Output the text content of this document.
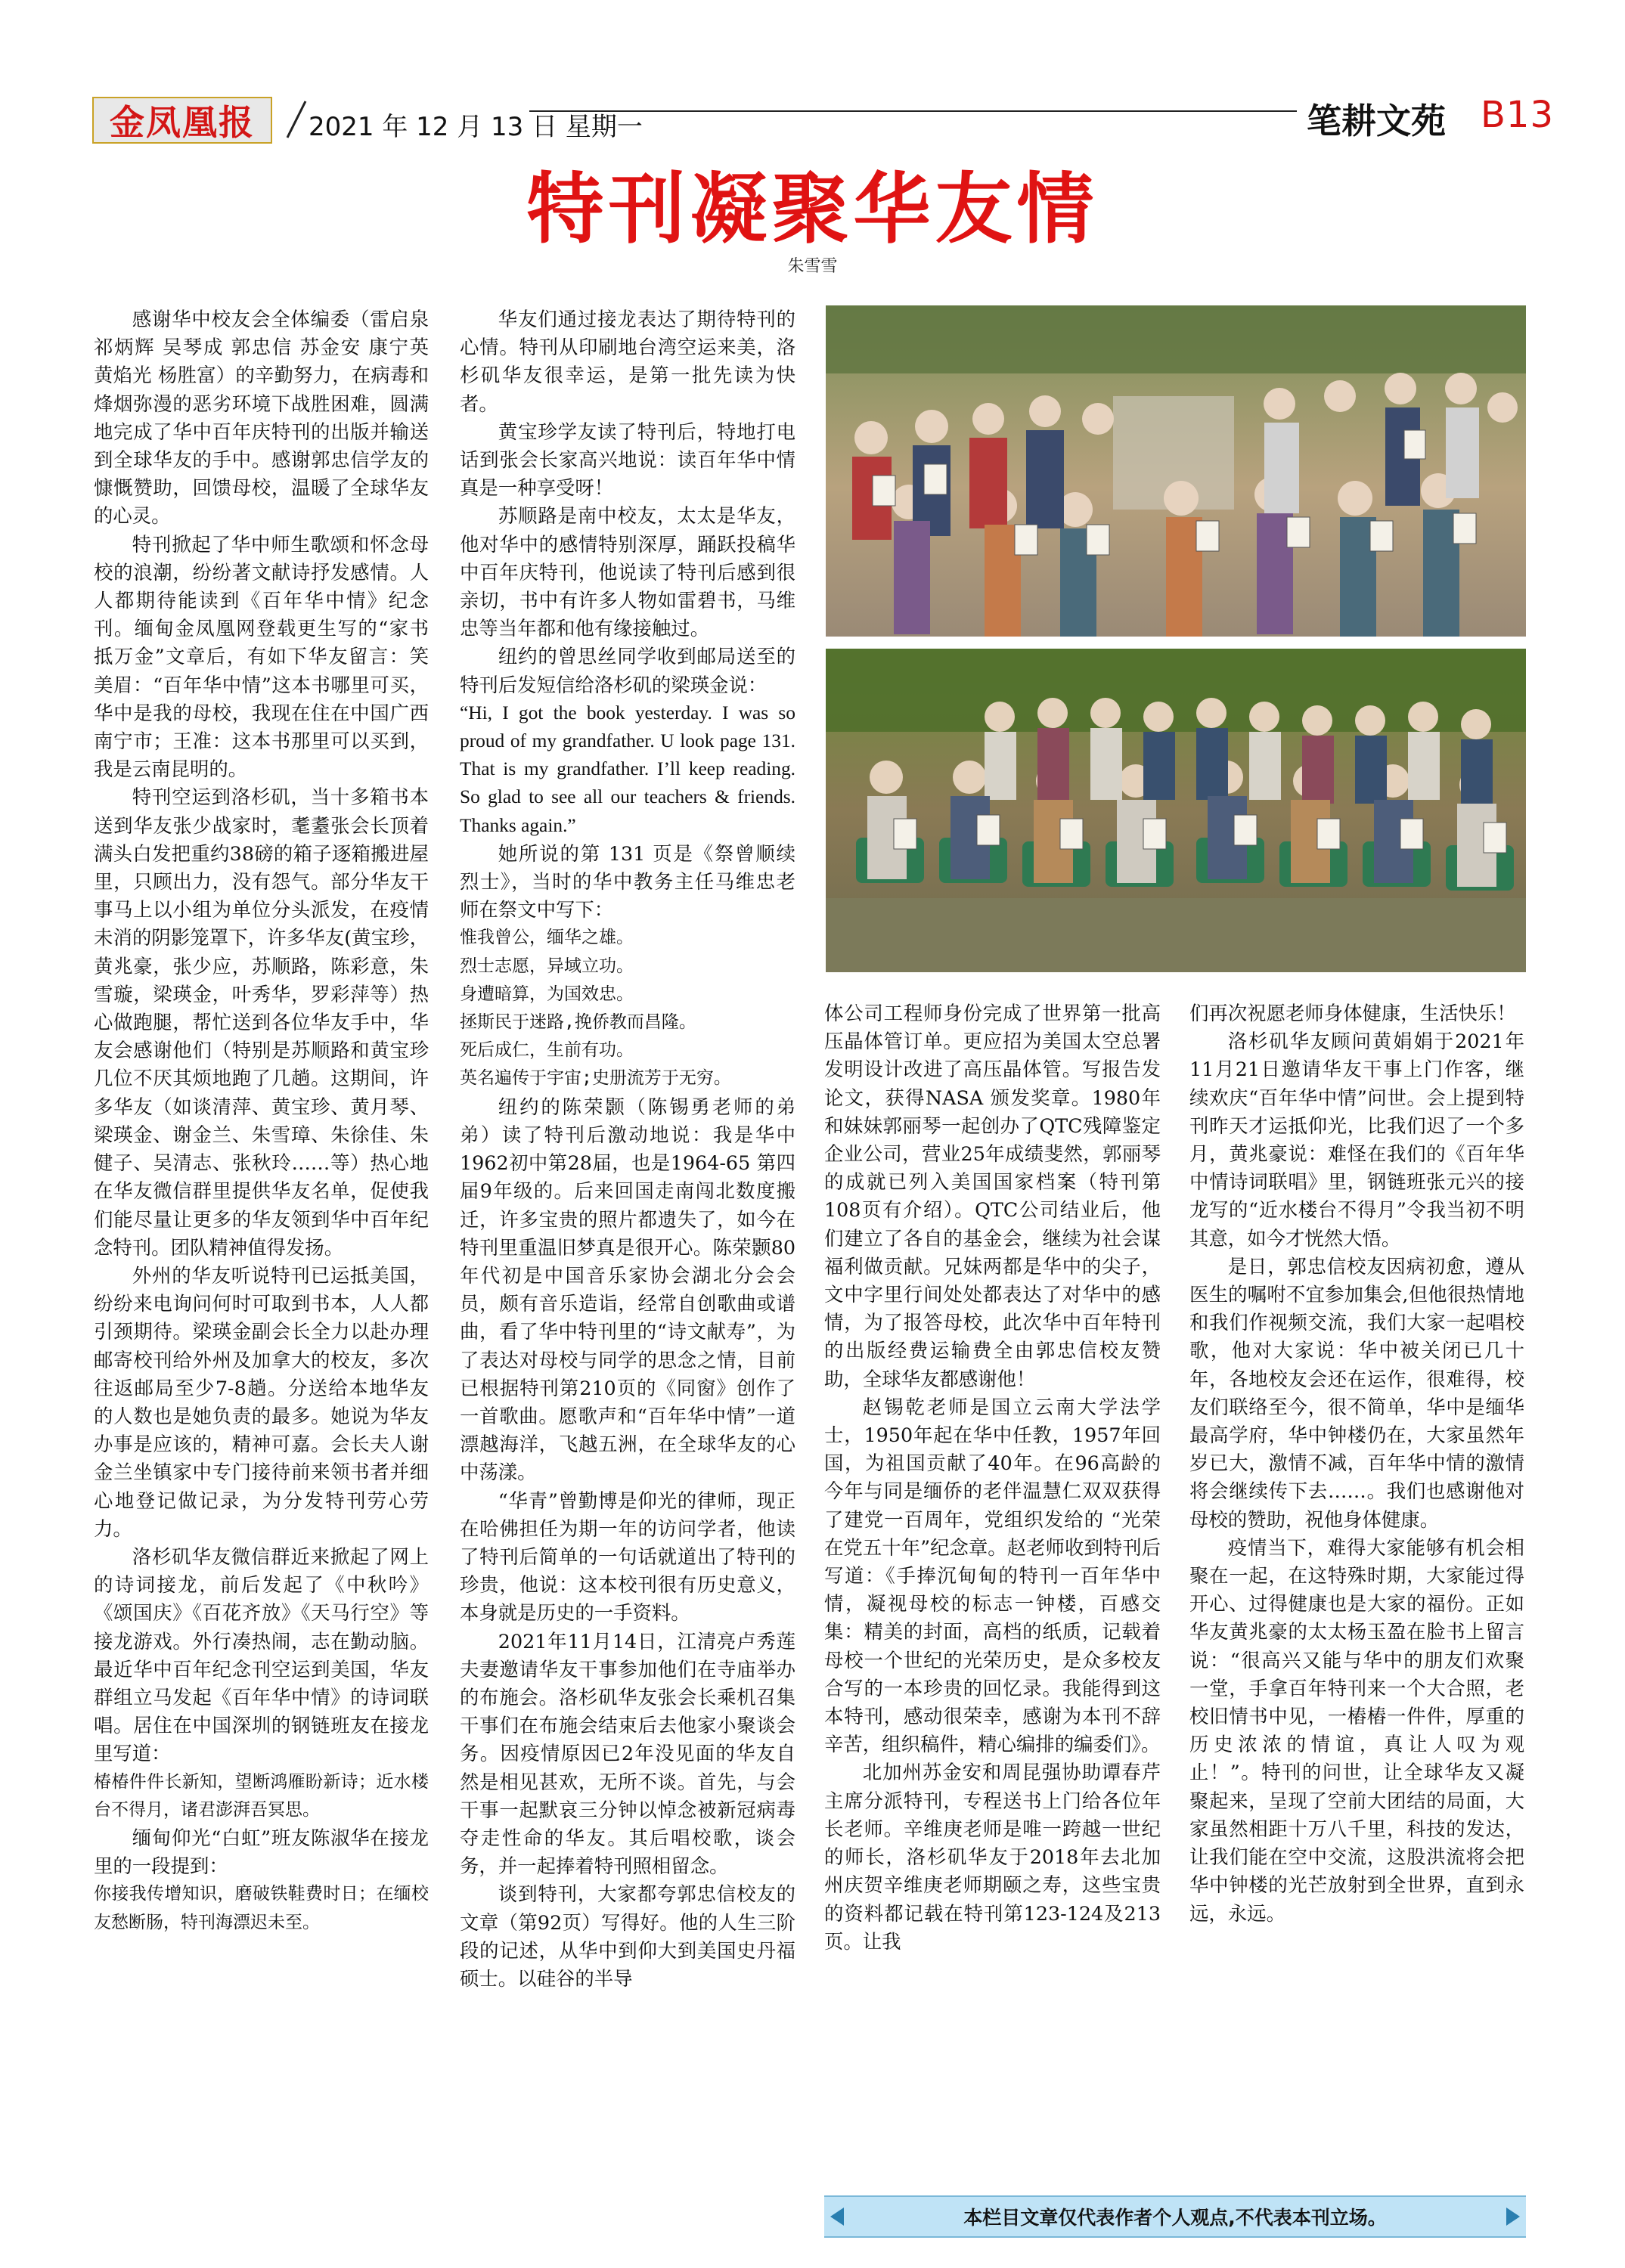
金凤凰报 2021 年 12 月 13 日 星期一	笔耕文苑 B13
特刊凝聚华友情
朱雪雪

感谢华中校友会全体编委（雷启泉 祁炳辉 吴琴成 郭忠信 苏金安 康宁英 黄焰光 杨胜富）的辛勤努力，在病毒和烽烟弥漫的恶劣环境下战胜困难，圆满地完成了华中百年庆特刊的出版并输送到全球华友的手中。感谢郭忠信学友的慷慨赞助，回馈母校，温暖了全球华友的心灵。

特刊掀起了华中师生歌颂和怀念母校的浪潮，纷纷著文献诗抒发感情。人人都期待能读到《百年华中情》纪念刊。缅甸金凤凰网登载更生写的“家书抵万金”文章后，有如下华友留言：笑美眉：“百年华中情”这本书哪里可买，华中是我的母校，我现在住在中国广西南宁市；王准：这本书那里可以买到，我是云南昆明的。

特刊空运到洛杉矶，当十多箱书本送到华友张少战家时，耄耋张会长顶着满头白发把重约38磅的箱子逐箱搬进屋里，只顾出力，没有怨气。部分华友干事马上以小组为单位分头派发，在疫情未消的阴影笼罩下，许多华友(黄宝珍，黄兆豪，张少应，苏顺路，陈彩意，朱雪璇，梁瑛金，叶秀华，罗彩萍等）热心做跑腿，帮忙送到各位华友手中，华友会感谢他们（特别是苏顺路和黄宝珍几位不厌其烦地跑了几趟。这期间，许多华友（如谈清萍、黄宝珍、黄月琴、梁瑛金、谢金兰、朱雪璋、朱徐佳、朱健子、吴清志、张秋玲……等）热心地在华友微信群里提供华友名单，促使我们能尽量让更多的华友领到华中百年纪念特刊。团队精神值得发扬。

外州的华友听说特刊已运抵美国，纷纷来电询问何时可取到书本，人人都引颈期待。梁瑛金副会长全力以赴办理邮寄校刊给外州及加拿大的校友，多次往返邮局至少7-8趟。分送给本地华友的人数也是她负责的最多。她说为华友办事是应该的，精神可嘉。会长夫人谢金兰坐镇家中专门接待前来领书者并细心地登记做记录，为分发特刊劳心劳力。

洛杉矶华友微信群近来掀起了网上的诗词接龙，前后发起了《中秋吟》《颂国庆》《百花齐放》《天马行空》等接龙游戏。外行凑热闹，志在勤动脑。最近华中百年纪念刊空运到美国，华友群组立马发起《百年华中情》的诗词联唱。居住在中国深圳的钢链班友在接龙里写道：

椿椿件件长新知，望断鸿雁盼新诗；近水楼台不得月，诸君澎湃吾冥思。

缅甸仰光“白虹”班友陈淑华在接龙里的一段提到：

你接我传增知识，磨破铁鞋费时日；在缅校友愁断肠，特刊海漂迟未至。

华友们通过接龙表达了期待特刊的心情。特刊从印刷地台湾空运来美，洛杉矶华友很幸运，是第一批先读为快者。

黄宝珍学友读了特刊后，特地打电话到张会长家高兴地说：读百年华中情真是一种享受呀！

苏顺路是南中校友，太太是华友，他对华中的感情特别深厚，踊跃投稿华中百年庆特刊，他说读了特刊后感到很亲切，书中有许多人物如雷碧书，马维忠等当年都和他有缘接触过。

纽约的曾思丝同学收到邮局送至的特刊后发短信给洛杉矶的梁瑛金说：

“Hi, I got the book yesterday. I was so proud of my grandfather. U look page 131. That is my grandfather. I’ll keep reading. So glad to see all our teachers & friends. Thanks again.”

她所说的第 131 页是《祭曾顺续烈士》，当时的华中教务主任马维忠老师在祭文中写下：

惟我曾公，缅华之雄。

烈士志愿，异域立功。

身遭暗算，为国效忠。

拯斯民于迷路,挽侨教而昌隆。

死后成仁，生前有功。

英名遍传于宇宙;史册流芳于无穷。

纽约的陈荣颢（陈锡勇老师的弟弟）读了特刊后激动地说：我是华中1962初中第28届，也是1964-65 第四届9年级的。后来回国走南闯北数度搬迁，许多宝贵的照片都遗失了，如今在特刊里重温旧梦真是很开心。陈荣颢80年代初是中国音乐家协会湖北分会会员，颇有音乐造诣，经常自创歌曲或谱曲，看了华中特刊里的“诗文献寿”，为了表达对母校与同学的思念之情，目前已根据特刊第210页的《同窗》创作了一首歌曲。愿歌声和“百年华中情”一道漂越海洋，飞越五洲，在全球华友的心中荡漾。

“华青”曾勤博是仰光的律师，现正在哈佛担任为期一年的访问学者，他读了特刊后简单的一句话就道出了特刊的珍贵，他说：这本校刊很有历史意义，本身就是历史的一手资料。

2021年11月14日，江清亮卢秀莲夫妻邀请华友干事参加他们在寺庙举办的布施会。洛杉矶华友张会长乘机召集干事们在布施会结束后去他家小聚谈会务。因疫情原因已2年没见面的华友自然是相见甚欢，无所不谈。首先，与会干事一起默哀三分钟以悼念被新冠病毒夺走性命的华友。其后唱校歌，谈会务，并一起捧着特刊照相留念。

谈到特刊，大家都夸郭忠信校友的文章（第92页）写得好。他的人生三阶段的记述，从华中到仰大到美国史丹福硕士。以硅谷的半导

体公司工程师身份完成了世界第一批高压晶体管订单。更应招为美国太空总署发明设计改进了高压晶体管。写报告发论文，获得NASA 颁发奖章。1980年和妹妹郭丽琴一起创办了QTC残障鉴定企业公司，营业25年成绩斐然，郭丽琴的成就已列入美国国家档案（特刊第108页有介绍）。QTC公司结业后，他们建立了各自的基金会，继续为社会谋福利做贡献。兄妹两都是华中的尖子，文中字里行间处处都表达了对华中的感情，为了报答母校，此次华中百年特刊的出版经费运输费全由郭忠信校友赞助，全球华友都感谢他！

赵锡乾老师是国立云南大学法学士，1950年起在华中任教，1957年回国，为祖国贡献了40年。在96高龄的今年与同是缅侨的老伴温慧仁双双获得了建党一百周年，党组织发给的 “光荣在党五十年”纪念章。赵老师收到特刊后写道：《手捧沉甸甸的特刊一百年华中情，凝视母校的标志一钟楼，百感交集：精美的封面，高档的纸质，记载着母校一个世纪的光荣历史，是众多校友合写的一本珍贵的回忆录。我能得到这本特刊，感动很荣幸，感谢为本刊不辞辛苦，组织稿件，精心编排的编委们》。

北加州苏金安和周昆强协助谭春芹主席分派特刊，专程送书上门给各位年长老师。辛维庚老师是唯一跨越一世纪的师长，洛杉矶华友于2018年去北加州庆贺辛维庚老师期颐之寿，这些宝贵的资料都记载在特刊第123-124及213页。让我

们再次祝愿老师身体健康，生活快乐！

洛杉矶华友顾问黄娟娟于2021年11月21日邀请华友干事上门作客，继续欢庆“百年华中情”问世。会上提到特刊昨天才运抵仰光，比我们迟了一个多月，黄兆豪说：难怪在我们的《百年华中情诗词联唱》里，钢链班张元兴的接龙写的“近水楼台不得月”令我当初不明其意，如今才恍然大悟。

是日，郭忠信校友因病初愈，遵从医生的嘱咐不宜参加集会,但他很热情地和我们作视频交流，我们大家一起唱校歌，他对大家说：华中被关闭已几十年，各地校友会还在运作，很难得，校友们联络至今，很不简单，华中是缅华最高学府，华中钟楼仍在，大家虽然年岁已大，激情不减，百年华中情的激情将会继续传下去……。我们也感谢他对母校的赞助，祝他身体健康。

疫情当下，难得大家能够有机会相聚在一起，在这特殊时期，大家能过得开心、过得健康也是大家的福份。正如华友黄兆豪的太太杨玉盈在脸书上留言说：“很高兴又能与华中的朋友们欢聚一堂，手拿百年特刊来一个大合照，老校旧情书中见，一樁樁一件件，厚重的历史浓浓的情谊，真让人叹为观止！”。特刊的问世，让全球华友又凝聚起来，呈现了空前大团结的局面，大家虽然相距十万八千里，科技的发达，让我们能在空中交流，这股洪流将会把华中钟楼的光芒放射到全世界，直到永远，永远。

本栏目文章仅代表作者个人观点,不代表本刊立场。
